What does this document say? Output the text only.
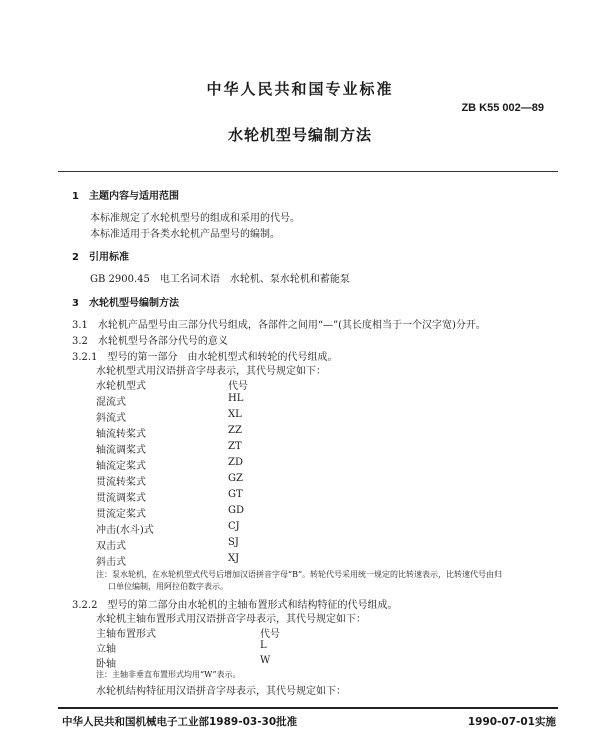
中华人民共和国专业标准
ZB K55 002—89
水轮机型号编制方法
1　主题内容与适用范围
本标准规定了水轮机型号的组成和采用的代号。
本标准适用于各类水轮机产品型号的编制。
2　引用标准
GB 2900.45　电工名词术语　水轮机、泵水轮机和蓄能泵
3　水轮机型号编制方法
3.1　水轮机产品型号由三部分代号组成，各部件之间用“—”(其长度相当于一个汉字宽)分开。
3.2　水轮机型号各部分代号的意义
3.2.1　型号的第一部分　由水轮机型式和转轮的代号组成。
水轮机型式用汉语拼音字母表示，其代号规定如下：
水轮机型式	代号
混流式	HL
斜流式	XL
轴流转桨式	ZZ
轴流调桨式	ZT
轴流定桨式	ZD
贯流转桨式	GZ
贯流调桨式	GT
贯流定桨式	GD
冲击(水斗)式	CJ
双击式	SJ
斜击式	XJ
注：泵水轮机，在水轮机型式代号后增加汉语拼音字母“B”。转轮代号采用统一规定的比转速表示，比转速代号由归
口单位编制，用阿拉伯数字表示。
3.2.2　型号的第二部分由水轮机的主轴布置形式和结构特征的代号组成。
水轮机主轴布置形式用汉语拼音字母表示，其代号规定如下：
主轴布置形式	代号
立轴	L
卧轴	W
注：主轴非垂直布置形式均用“W”表示。
水轮机结构特征用汉语拼音字母表示，其代号规定如下：
中华人民共和国机械电子工业部1989-03-30批准	1990-07-01实施
